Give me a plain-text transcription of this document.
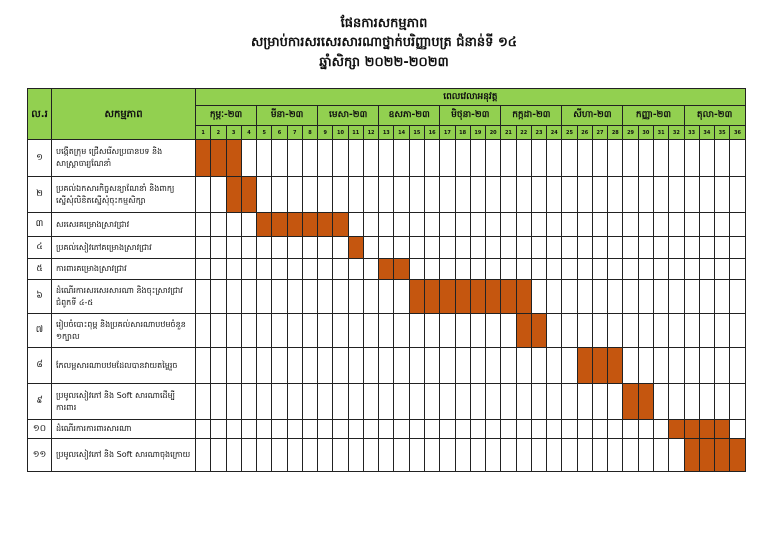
ផែនការសកម្មភាព
សម្រាប់ការសរសេរសារណាថ្នាក់បរិញ្ញាបត្រ ជំនាន់ទី ១៤
ឆ្នាំសិក្សា ២០២២-២០២៣
ល.រ	សកម្មភាព	ពេលវេលាអនុវត្ត																																			
		កុម្ភៈ-២៣				មីនា-២៣				មេសា-២៣				ឧសភា-២៣				មិថុនា-២៣				កក្កដា-២៣				សីហា-២៣				កញ្ញា-២៣				តុលា-២៣			
		1	2	3	4	5	6	7	8	9	10	11	12	13	14	15	16	17	18	19	20	21	22	23	24	25	26	27	28	29	30	31	32	33	34	35	36
១	បង្កើតក្រុម ជ្រើសរើសប្រធានបទ និងសាស្ត្រាចារ្យណែនាំ																																				
២	ប្រគល់ឯកសារកិច្ចសន្យាណែនាំ និងពាក្យស្នើសុំលិខិតស្នើសុំចុះកម្មសិក្សា																																				
៣	សរសេរគម្រោងស្រាវជ្រាវ																																				
៤	ប្រគល់សៀវភៅគម្រោងស្រាវជ្រាវ																																				
៥	ការពារគម្រោងស្រាវជ្រាវ																																				
៦	ដំណើរការសរសេរសារណា និងចុះស្រាវជ្រាវជំពូកទី ៤-៥																																				
៧	រៀបចំបោះពុម្ព និងប្រគល់សារណាបឋមចំនួន ១ក្បាល																																				
៨	កែលម្អសារណាបឋមដែលបានវាយតម្លៃរួច																																				
៩	ប្រមូលសៀវភៅ និង Soft សារណាដើម្បីការពារ																																				
១០	ដំណើរការការពារសារណា																																				
១១	ប្រមូលសៀវភៅ និង Soft សារណាចុងក្រោយ																																				
